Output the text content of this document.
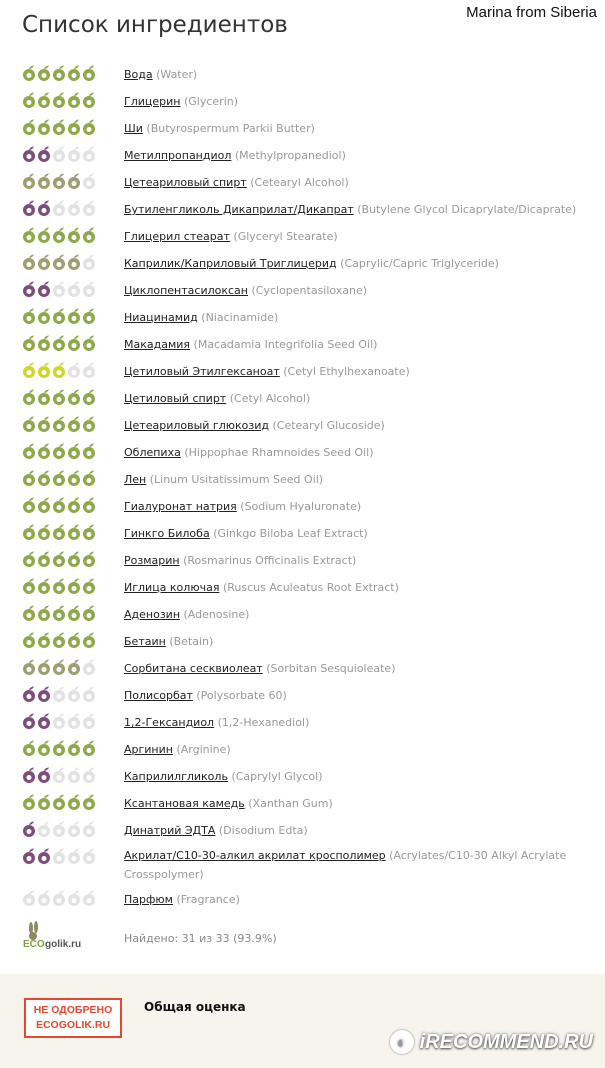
Marina from Siberia
Список ингредиентов
Вода (Water)
Глицерин (Glycerin)
Ши (Butyrospermum Parkii Butter)
Метилпропандиол (Methylpropanediol)
Цетеариловый спирт (Cetearyl Alcohol)
Бутиленгликоль Дикаприлат/Дикапрат (Butylene Glycol Dicaprylate/Dicaprate)
Глицерил стеарат (Glyceryl Stearate)
Каприлик/Каприловый Триглицерид (Caprylic/Capric Triglyceride)
Циклопентасилоксан (Cyclopentasiloxane)
Ниацинамид (Niacinamide)
Макадамия (Macadamia Integrifolia Seed Oil)
Цетиловый Этилгексаноат (Cetyl Ethylhexanoate)
Цетиловый спирт (Cetyl Alcohol)
Цетеариловый глюкозид (Cetearyl Glucoside)
Облепиха (Hippophae Rhamnoides Seed Oil)
Лен (Linum Usitatissimum Seed Oil)
Гиалуронат натрия (Sodium Hyaluronate)
Гинкго Билоба (Ginkgo Biloba Leaf Extract)
Розмарин (Rosmarinus Officinalis Extract)
Иглица колючая (Ruscus Aculeatus Root Extract)
Аденозин (Adenosine)
Бетаин (Betain)
Сорбитана сесквиолеат (Sorbitan Sesquioleate)
Полисорбат (Polysorbate 60)
1,2-Гександиол (1,2-Hexanediol)
Аргинин (Arginine)
Каприлилгликоль (Caprylyl Glycol)
Ксантановая камедь (Xanthan Gum)
Динатрий ЭДТА (Disodium Edta)
Акрилат/С10-30-алкил акрилат кросполимер (Acrylates/C10-30 Alkyl Acrylate Crosspolymer)
Парфюм (Fragrance)
ECO golik.ru	Найдено: 31 из 33 (93.9%)
НЕ ОДОБРЕНО
ECOGOLIK.RU
Общая оценка
◐ iRECOMMEND.RU
